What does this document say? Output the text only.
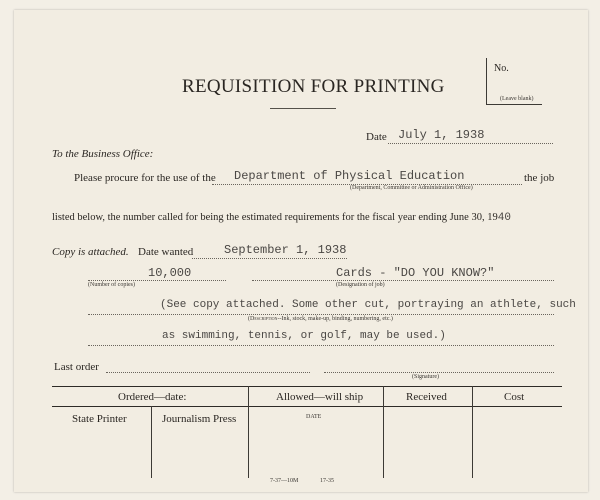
No.
(Leave blank)
REQUISITION FOR PRINTING
Date July 1, 1938
To the Business Office:
Please procure for the use of the Department of Physical Education
(Department, Committee or Administration Office)
the job
listed below, the number called for being the estimated requirements for the fiscal year ending June 30, 1940
Copy is attached. Date wanted	September 1, 1938
10,000
(Number of copies)
Cards - "DO YOU KNOW?"
(Designation of job)
(See copy attached. Some other cut, portraying an athlete, such
(Description--Ink, stock, make-up, binding, numbering, etc.)
as swimming, tennis, or golf, may be used.)
Last order
(Signature)
Ordered—date:	Allowed—will ship	Received	Cost
State Printer	Journalism Press	DATE
7-37—10M	17-35
